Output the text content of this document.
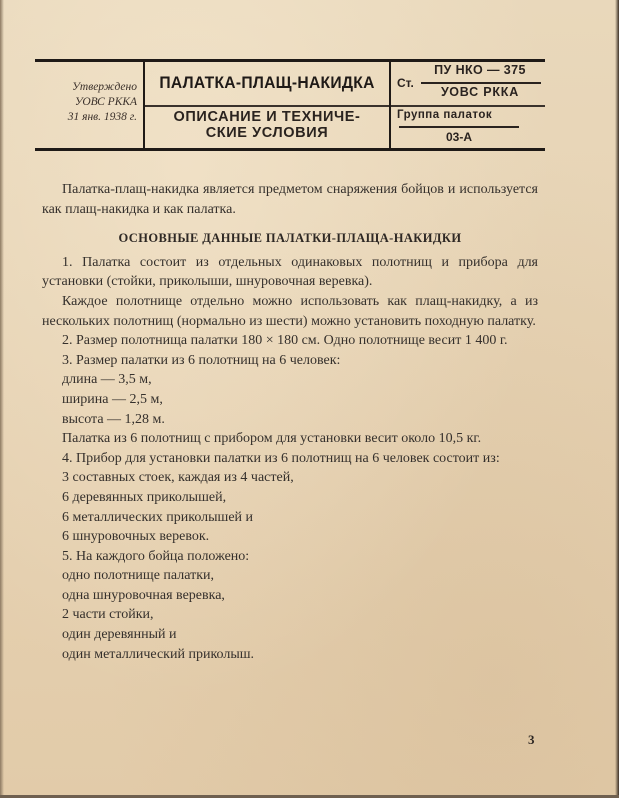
Утверждено
УОВС РККА
31 янв. 1938 г.
ПАЛАТКА-ПЛАЩ-НАКИДКА
ОПИСАНИЕ И ТЕХНИЧЕ-
СКИЕ УСЛОВИЯ
Ст.
ПУ НКО — 375
УОВС РККА
Группа палаток
03-А

Палатка-плащ-накидка является предметом снаряжения бойцов и используется как плащ-накидка и как палатка.

ОСНОВНЫЕ ДАННЫЕ ПАЛАТКИ-ПЛАЩА-НАКИДКИ

1. Палатка состоит из отдельных одинаковых полотнищ и прибора для установки (стойки, приколыши, шнуровочная веревка).

Каждое полотнище отдельно можно использовать как плащ-накидку, а из нескольких полотнищ (нормально из шести) можно установить походную палатку.

2. Размер полотнища палатки 180 × 180 см. Одно полотнище весит 1 400 г.

3. Размер палатки из 6 полотнищ на 6 человек:

длина — 3,5 м,

ширина — 2,5 м,

высота — 1,28 м.

Палатка из 6 полотнищ с прибором для установки весит около 10,5 кг.

4. Прибор для установки палатки из 6 полотнищ на 6 человек состоит из:

3 составных стоек, каждая из 4 частей,

6 деревянных приколышей,

6 металлических приколышей и

6 шнуровочных веревок.

5. На каждого бойца положено:

одно полотнище палатки,

одна шнуровочная веревка,

2 части стойки,

один деревянный и

один металлический приколыш.

3
